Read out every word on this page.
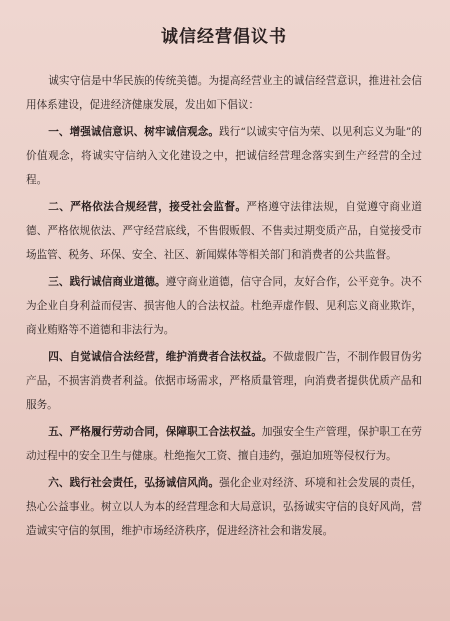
诚信经营倡议书

诚实守信是中华民族的传统美德。为提高经营业主的诚信经营意识，推进社会信用体系建设，促进经济健康发展，发出如下倡议：

一、增强诚信意识、树牢诚信观念。践行“以诚实守信为荣、以见利忘义为耻”的价值观念，将诚实守信纳入文化建设之中，把诚信经营理念落实到生产经营的全过程。

二、严格依法合规经营，接受社会监督。严格遵守法律法规，自觉遵守商业道德、严格依规依法、严守经营底线，不售假贩假、不售卖过期变质产品，自觉接受市场监管、税务、环保、安全、社区、新闻媒体等相关部门和消费者的公共监督。

三、践行诚信商业道德。遵守商业道德，信守合同，友好合作，公平竞争。决不为企业自身利益而侵害、损害他人的合法权益。杜绝弄虚作假、见利忘义商业欺诈，商业贿赂等不道德和非法行为。

四、自觉诚信合法经营，维护消费者合法权益。不做虚假广告，不制作假冒伪劣产品，不损害消费者利益。依据市场需求，严格质量管理，向消费者提供优质产品和服务。

五、严格履行劳动合同，保障职工合法权益。加强安全生产管理，保护职工在劳动过程中的安全卫生与健康。杜绝拖欠工资、擅自违约，强迫加班等侵权行为。

六、践行社会责任，弘扬诚信风尚。强化企业对经济、环境和社会发展的责任，热心公益事业。树立以人为本的经营理念和大局意识，弘扬诚实守信的良好风尚，营造诚实守信的氛围，维护市场经济秩序，促进经济社会和谐发展。
